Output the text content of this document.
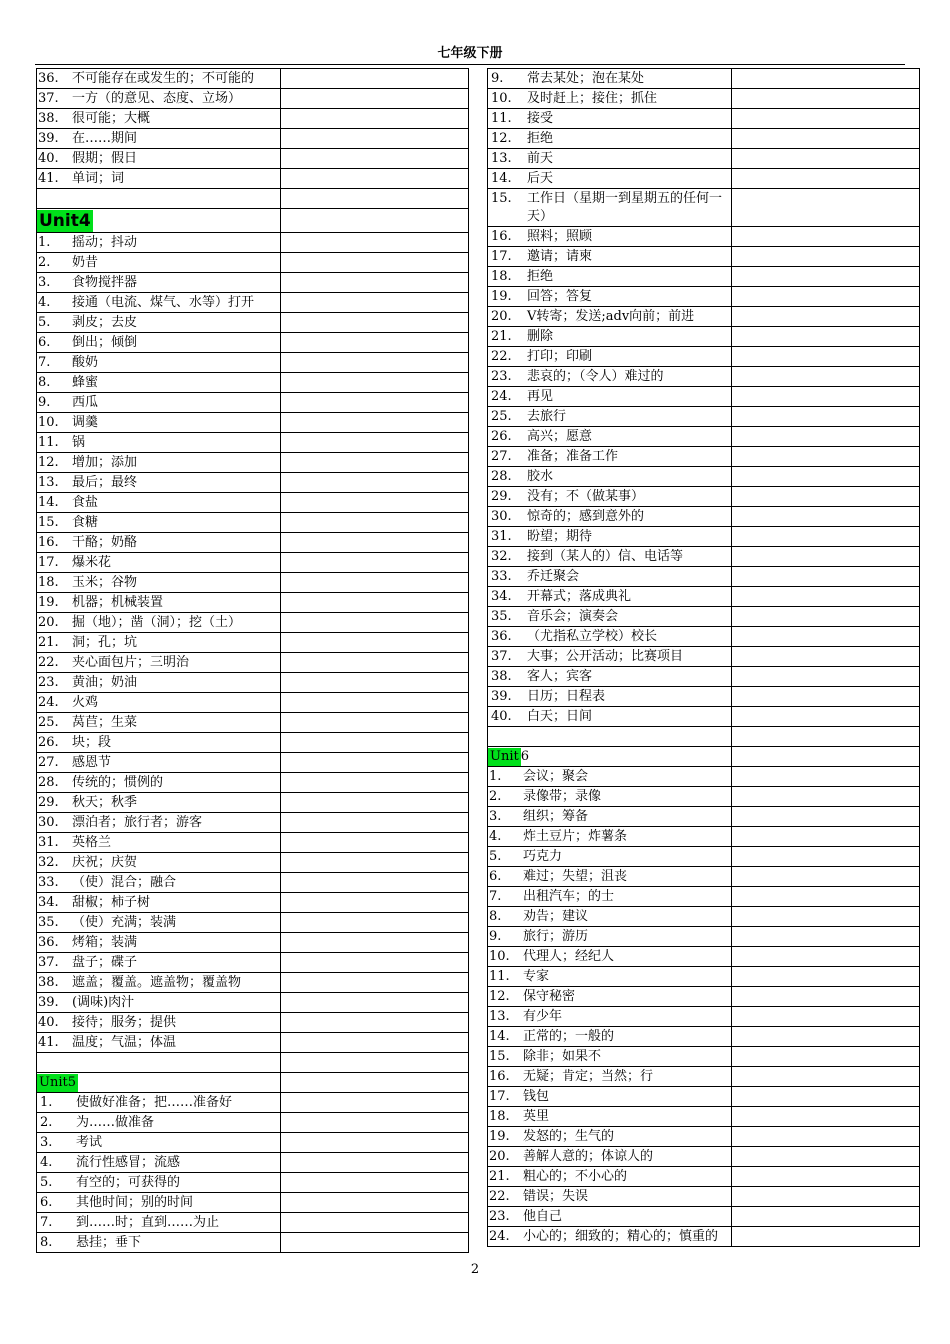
七年级下册
36.	不可能存在或发生的；不可能的
37.	一方（的意见、态度、立场）
38.	很可能；大概
39.	在……期间
40.	假期；假日
41.	单词；词
Unit4
1.	摇动；抖动
2.	奶昔
3.	食物搅拌器
4.	接通（电流、煤气、水等）打开
5.	剥皮；去皮
6.	倒出；倾倒
7.	酸奶
8.	蜂蜜
9.	西瓜
10.	调羹
11.	锅
12.	增加；添加
13.	最后；最终
14.	食盐
15.	食糖
16.	干酪；奶酪
17.	爆米花
18.	玉米；谷物
19.	机器；机械装置
20.	掘（地）；凿（洞）；挖（土）
21.	洞；孔；坑
22.	夹心面包片；三明治
23.	黄油；奶油
24.	火鸡
25.	莴苣；生菜
26.	块；段
27.	感恩节
28.	传统的；惯例的
29.	秋天；秋季
30.	漂泊者；旅行者；游客
31.	英格兰
32.	庆祝；庆贺
33.	（使）混合；融合
34.	甜椒；柿子树
35.	（使）充满；装满
36.	烤箱；装满
37.	盘子；碟子
38.	遮盖；覆盖。遮盖物；覆盖物
39.	(调味)肉汁
40.	接待；服务；提供
41.	温度；气温；体温
Unit5
1.	使做好准备；把……准备好
2.	为……做准备
3.	考试
4.	流行性感冒；流感
5.	有空的；可获得的
6.	其他时间；别的时间
7.	到……时；直到……为止
8.	悬挂；垂下
9.	常去某处；泡在某处
10.	及时赶上；接住；抓住
11.	接受
12.	拒绝
13.	前天
14.	后天
15.	工作日（星期一到星期五的任何一天）
16.	照料；照顾
17.	邀请；请柬
18.	拒绝
19.	回答；答复
20.	V转寄；发送;adv向前；前进
21.	删除
22.	打印；印刷
23.	悲哀的；（令人）难过的
24.	再见
25.	去旅行
26.	高兴；愿意
27.	准备；准备工作
28.	胶水
29.	没有；不（做某事）
30.	惊奇的；感到意外的
31.	盼望；期待
32.	接到（某人的）信、电话等
33.	乔迁聚会
34.	开幕式；落成典礼
35.	音乐会；演奏会
36.	（尤指私立学校）校长
37.	大事；公开活动；比赛项目
38.	客人；宾客
39.	日历；日程表
40.	白天；日间
Unit 6
1.	会议；聚会
2.	录像带；录像
3.	组织；筹备
4.	炸土豆片；炸薯条
5.	巧克力
6.	难过；失望；沮丧
7.	出租汽车；的士
8.	劝告；建议
9.	旅行；游历
10.	代理人；经纪人
11.	专家
12.	保守秘密
13.	有少年
14.	正常的；一般的
15.	除非；如果不
16.	无疑；肯定；当然；行
17.	钱包
18.	英里
19.	发怒的；生气的
20.	善解人意的；体谅人的
21.	粗心的；不小心的
22.	错误；失误
23.	他自己
24.	小心的；细致的；精心的；慎重的
2
